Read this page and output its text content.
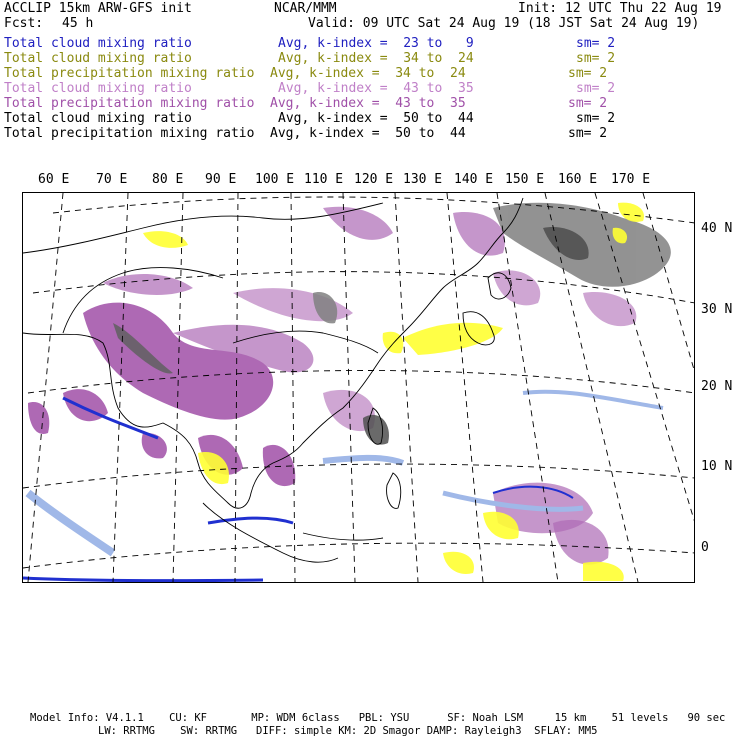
ACCLIP 15km ARW-GFS init	NCAR/MMM	Init: 12 UTC Thu 22 Aug 19
Fcst: 45 h	Valid: 09 UTC Sat 24 Aug 19 (18 JST Sat 24 Aug 19)
Total cloud mixing ratio	Avg, k-index =  23 to   9	sm= 2
Total cloud mixing ratio	Avg, k-index =  34 to  24	sm= 2
Total precipitation mixing ratio Avg, k-index =  34 to  24	sm= 2
Total cloud mixing ratio	Avg, k-index =  43 to  35	sm= 2
Total precipitation mixing ratio Avg, k-index =  43 to  35	sm= 2
Total cloud mixing ratio	Avg, k-index =  50 to  44	sm= 2
Total precipitation mixing ratio Avg, k-index =  50 to  44	sm= 2
60 E 70 E 80 E 90 E 100 E 110 E 120 E 130 E 140 E 150 E 160 E 170 E
40 N
30 N
20 N
10 N
0
Model Info: V4.1.1    CU: KF       MP: WDM 6class   PBL: YSU      SF: Noah LSM     15 km    51 levels   90 sec
LW: RRTMG    SW: RRTMG   DIFF: simple KM: 2D Smagor DAMP: Rayleigh3  SFLAY: MM5
